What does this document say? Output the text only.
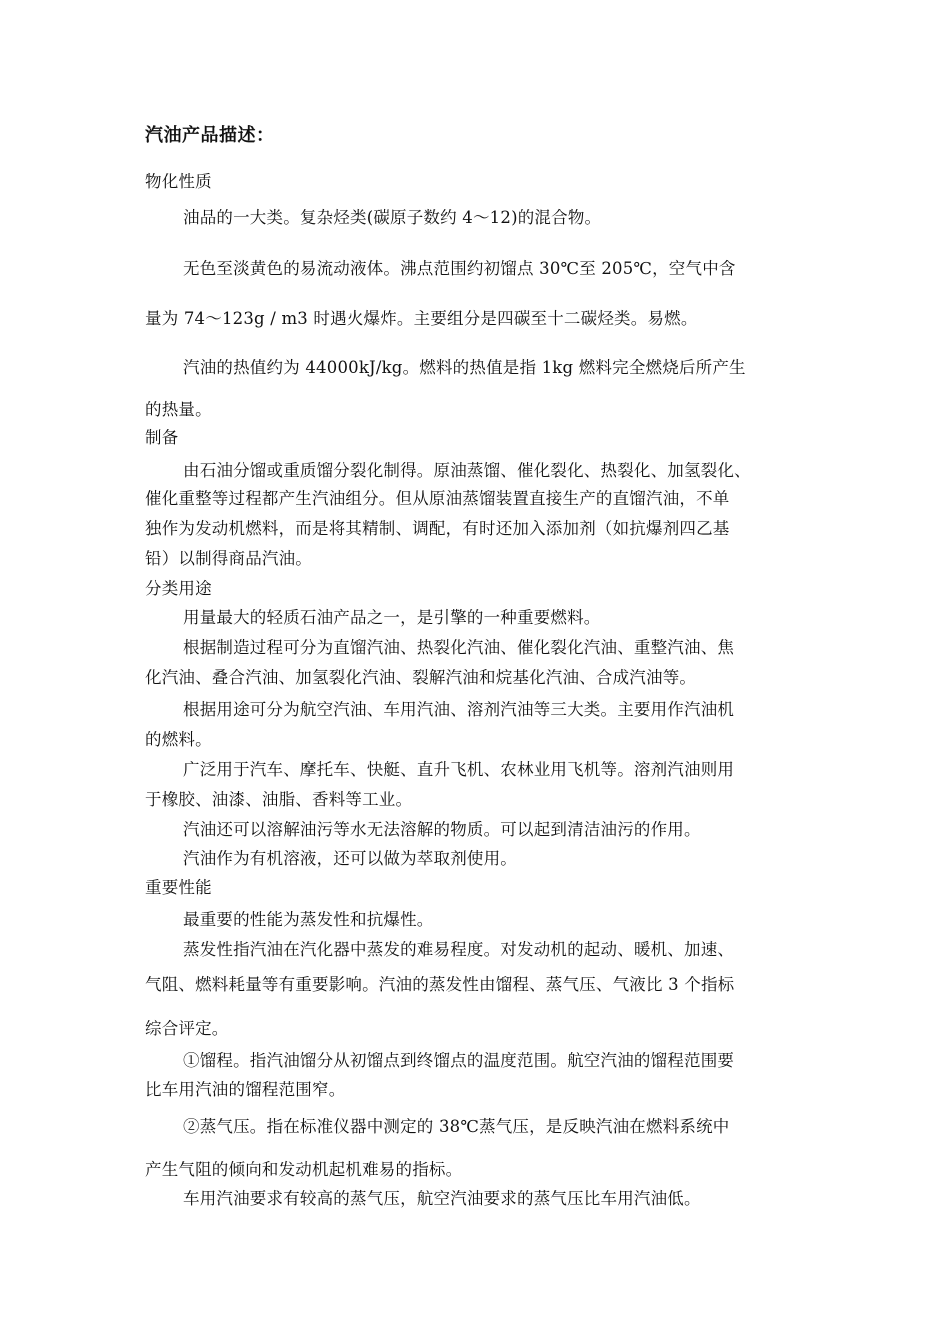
汽油产品描述：
物化性质
油品的一大类。复杂烃类(碳原子数约 4～12)的混合物。
无色至淡黄色的易流动液体。沸点范围约初馏点 30℃至 205℃，空气中含
量为 74～123g / m3 时遇火爆炸。主要组分是四碳至十二碳烃类。易燃。
汽油的热值约为 44000kJ/kg。燃料的热值是指 1kg 燃料完全燃烧后所产生
的热量。
制备
由石油分馏或重质馏分裂化制得。原油蒸馏、催化裂化、热裂化、加氢裂化、
催化重整等过程都产生汽油组分。但从原油蒸馏装置直接生产的直馏汽油，不单
独作为发动机燃料，而是将其精制、调配，有时还加入添加剂（如抗爆剂四乙基
铅）以制得商品汽油。
分类用途
用量最大的轻质石油产品之一，是引擎的一种重要燃料。
根据制造过程可分为直馏汽油、热裂化汽油、催化裂化汽油、重整汽油、焦
化汽油、叠合汽油、加氢裂化汽油、裂解汽油和烷基化汽油、合成汽油等。
根据用途可分为航空汽油、车用汽油、溶剂汽油等三大类。主要用作汽油机
的燃料。
广泛用于汽车、摩托车、快艇、直升飞机、农林业用飞机等。溶剂汽油则用
于橡胶、油漆、油脂、香料等工业。
汽油还可以溶解油污等水无法溶解的物质。可以起到清洁油污的作用。
汽油作为有机溶液，还可以做为萃取剂使用。
重要性能
最重要的性能为蒸发性和抗爆性。
蒸发性指汽油在汽化器中蒸发的难易程度。对发动机的起动、暖机、加速、
气阻、燃料耗量等有重要影响。汽油的蒸发性由馏程、蒸气压、气液比 3 个指标
综合评定。
①馏程。指汽油馏分从初馏点到终馏点的温度范围。航空汽油的馏程范围要
比车用汽油的馏程范围窄。
②蒸气压。指在标准仪器中测定的 38℃蒸气压，是反映汽油在燃料系统中
产生气阻的倾向和发动机起机难易的指标。
车用汽油要求有较高的蒸气压，航空汽油要求的蒸气压比车用汽油低。
